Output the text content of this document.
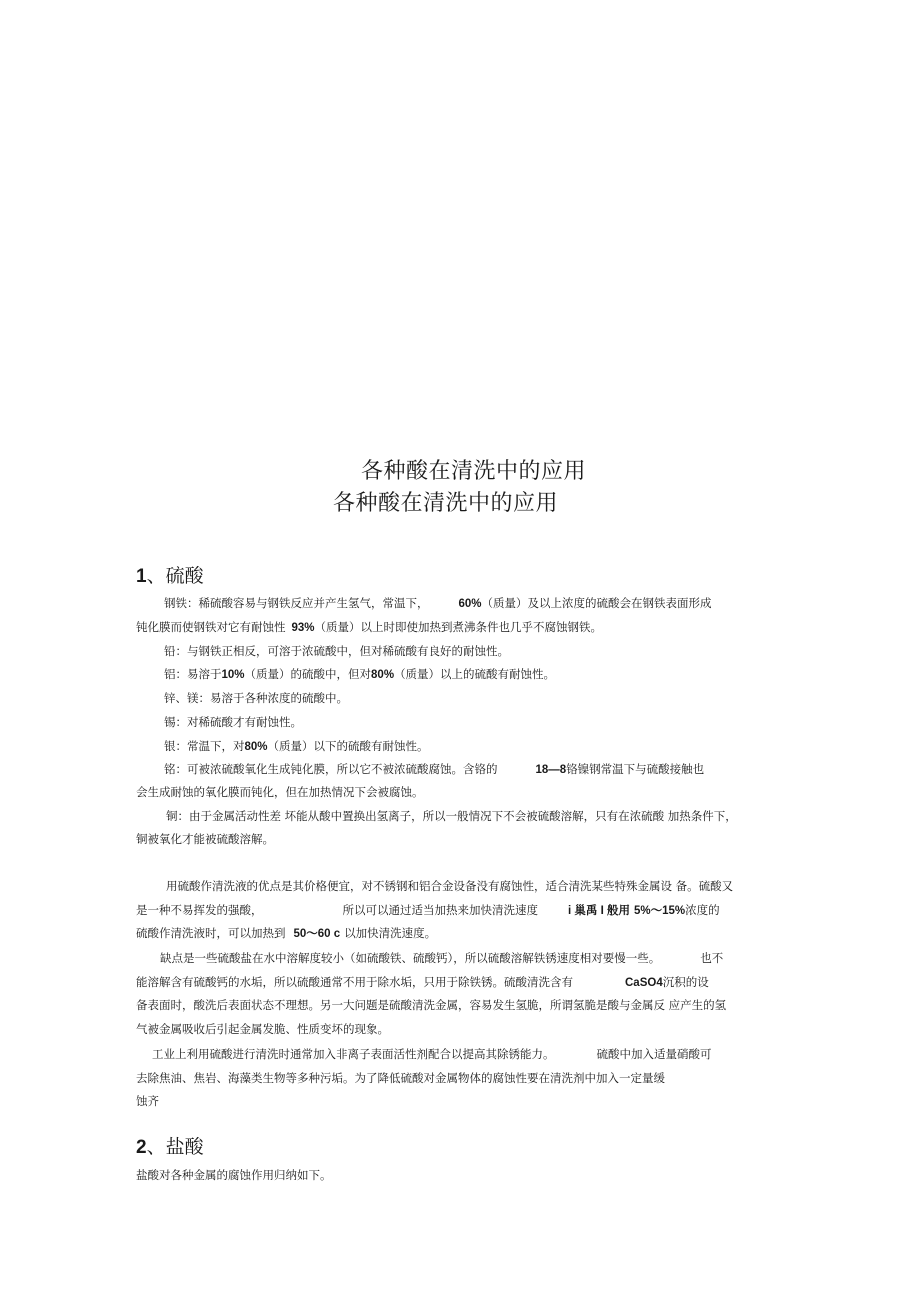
各种酸在清洗中的应用
各种酸在清洗中的应用
1、硫酸
钢铁：稀硫酸容易与钢铁反应并产生氢气，常温下，	60%（质量）及以上浓度的硫酸会在钢铁表面形成
钝化膜而使钢铁对它有耐蚀性 93%（质量）以上时即使加热到煮沸条件也几乎不腐蚀钢铁。
铅：与钢铁正相反，可溶于浓硫酸中，但对稀硫酸有良好的耐蚀性。
铝：易溶于10%（质量）的硫酸中，但对80%（质量）以上的硫酸有耐蚀性。
锌、镁：易溶于各种浓度的硫酸中。
锡：对稀硫酸才有耐蚀性。
银：常温下，对80%（质量）以下的硫酸有耐蚀性。
铭：可被浓硫酸氧化生成钝化膜，所以它不被浓硫酸腐蚀。含铬的	18—8铬镍钢常温下与硫酸接触也
会生成耐蚀的氧化膜而钝化，但在加热情况下会被腐蚀。
铜：由于金属活动性差 坏能从酸中置换出氢离子，所以一般情况下不会被硫酸溶解，只有在浓硫酸 加热条件下，
铜被氧化才能被硫酸溶解。
用硫酸作清洗液的优点是其价格便宜，对不锈钢和铝合金设备没有腐蚀性，适合清洗某些特殊金属设 备。硫酸又
是一种不易挥发的强酸，	所以可以通过适当加热来加快清洗速度	i 巢禹 I 般用 5%～15%浓度的
硫酸作清洗液时，可以加热到 50～60 c 以加快清洗速度。
缺点是一些硫酸盐在水中溶解度较小（如硫酸铁、硫酸钙），所以硫酸溶解铁锈速度相对要慢一些。	也不
能溶解含有硫酸钙的水垢，所以硫酸通常不用于除水垢，只用于除铁锈。硫酸清洗含有	CaSO4沉积的设
备表面时，酸洗后表面状态不理想。另一大问题是硫酸清洗金属，容易发生氢脆，所谓氢脆是酸与金属反 应产生的氢
气被金属吸收后引起金属发脆、性质变坏的现象。
工业上利用硫酸进行清洗时通常加入非离子表面活性剂配合以提高其除锈能力。	硫酸中加入适量硝酸可
去除焦油、焦岩、海藻类生物等多种污垢。为了降低硫酸对金属物体的腐蚀性要在清洗剂中加入一定量缓
蚀齐
2、盐酸
盐酸对各种金属的腐蚀作用归纳如下。
